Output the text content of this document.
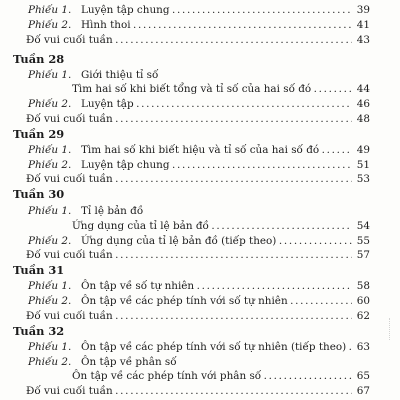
Phiếu 1. Luyện tập chung . . .	39
Phiếu 2. Hình thoi . . .	41
Đố vui cuối tuần . . .	43
Tuần 28
Phiếu 1. Giới thiệu tỉ số
Tìm hai số khi biết tổng và tỉ số của hai số đó . . .	44
Phiếu 2. Luyện tập . . .	46
Đố vui cuối tuần . . .	48
Tuần 29
Phiếu 1. Tìm hai số khi biết hiệu và tỉ số của hai số đó . . .	49
Phiếu 2. Luyện tập chung . . .	51
Đố vui cuối tuần . . .	53
Tuần 30
Phiếu 1. Tỉ lệ bản đồ
Ứng dụng của tỉ lệ bản đồ . . .	54
Phiếu 2. Ứng dụng của tỉ lệ bản đồ (tiếp theo) . . .	55
Đố vui cuối tuần . . .	57
Tuần 31
Phiếu 1. Ôn tập về số tự nhiên . . .	58
Phiếu 2. Ôn tập về các phép tính với số tự nhiên . . .	60
Đố vui cuối tuần . . .	62
Tuần 32
Phiếu 1. Ôn tập về các phép tính với số tự nhiên (tiếp theo) . . .	63
Phiếu 2. Ôn tập về phân số
Ôn tập về các phép tính với phân số . . .	65
Đố vui cuối tuần . . .	67
